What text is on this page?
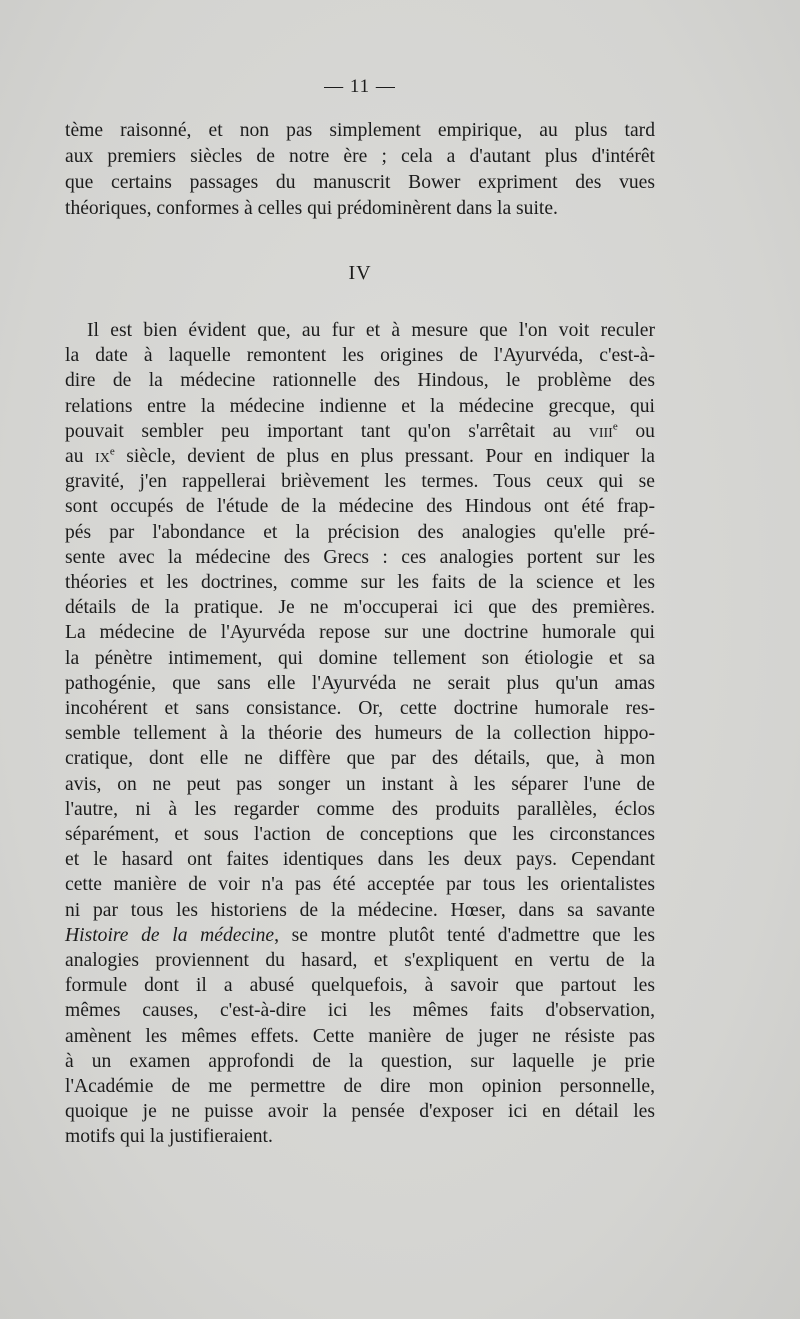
— 11 —
tème raisonné, et non pas simplement empirique, au plus tard
aux premiers siècles de notre ère ; cela a d'autant plus d'intérêt
que certains passages du manuscrit Bower expriment des vues
théoriques, conformes à celles qui prédominèrent dans la suite.
IV
Il est bien évident que, au fur et à mesure que l'on voit reculer
la date à laquelle remontent les origines de l'Ayurvéda, c'est-à-
dire de la médecine rationnelle des Hindous, le problème des
relations entre la médecine indienne et la médecine grecque, qui
pouvait sembler peu important tant qu'on s'arrêtait au viii$^e$ ou
au $ix^e$ siècle, devient de plus en plus pressant. Pour en indiquer la
gravité, j'en rappellerai brièvement les termes. Tous ceux qui se
sont occupés de l'étude de la médecine des Hindous ont été frap-
pés par l'abondance et la précision des analogies qu'elle pré-
sente avec la médecine des Grecs : ces analogies portent sur les
théories et les doctrines, comme sur les faits de la science et les
détails de la pratique. Je ne m'occuperai ici que des premières.
La médecine de l'Ayurvéda repose sur une doctrine humorale qui
la pénètre intimement, qui domine tellement son étiologie et sa
pathogénie, que sans elle l'Ayurvéda ne serait plus qu'un amas
incohérent et sans consistance. Or, cette doctrine humorale res-
semble tellement à la théorie des humeurs de la collection hippo-
cratique, dont elle ne diffère que par des détails, que, à mon
avis, on ne peut pas songer un instant à les séparer l'une de
l'autre, ni à les regarder comme des produits parallèles, éclos
séparément, et sous l'action de conceptions que les circonstances
et le hasard ont faites identiques dans les deux pays. Cependant
cette manière de voir n'a pas été acceptée par tous les orientalistes
ni par tous les historiens de la médecine. Hœser, dans sa savante
Histoire de la médecine, se montre plutôt tenté d'admettre que les
analogies proviennent du hasard, et s'expliquent en vertu de la
formule dont il a abusé quelquefois, à savoir que partout les
mêmes causes, c'est-à-dire ici les mêmes faits d'observation,
amènent les mêmes effets. Cette manière de juger ne résiste pas
à un examen approfondi de la question, sur laquelle je prie
l'Académie de me permettre de dire mon opinion personnelle,
quoique je ne puisse avoir la pensée d'exposer ici en détail les
motifs qui la justifieraient.
